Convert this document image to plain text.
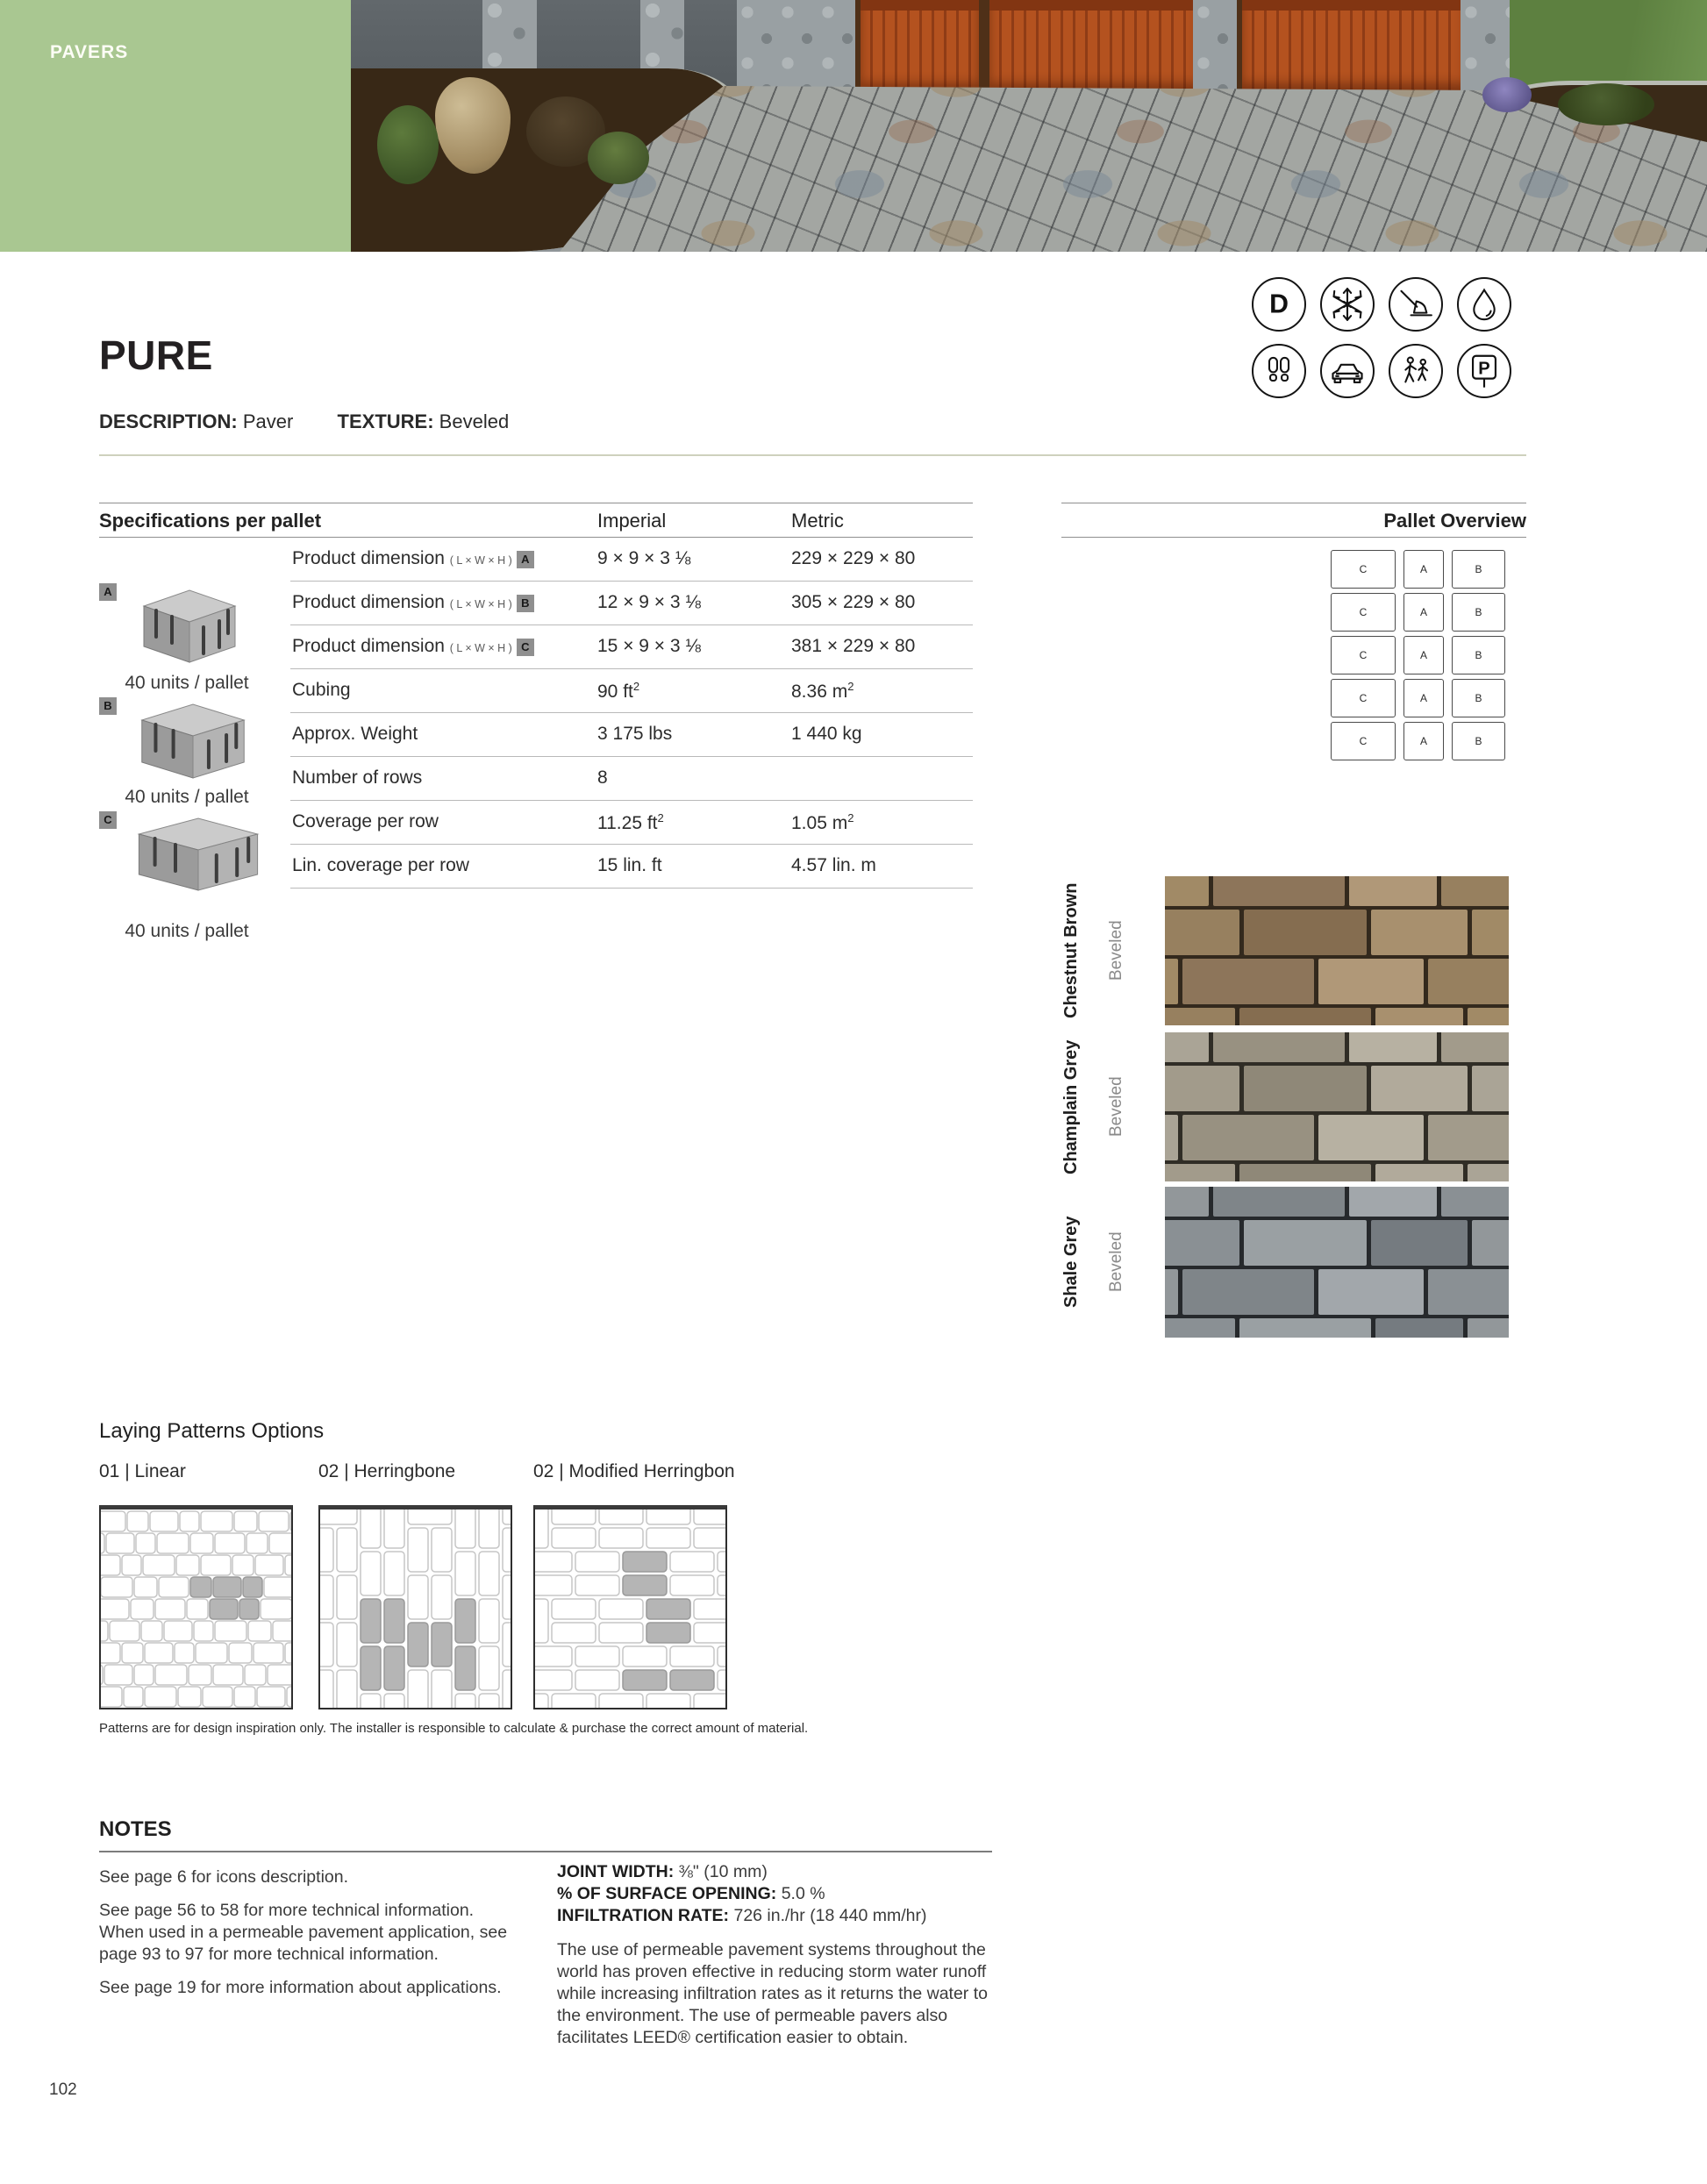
PAVERS
PURE
DESCRIPTION: Paver TEXTURE: Beveled
D
P
Specifications per pallet	Imperial	Metric
Product dimension ( L × W × H ) A	9 × 9 × 3 ⅛	229 × 229 × 80
Product dimension ( L × W × H ) B	12 × 9 × 3 ⅛	305 × 229 × 80
Product dimension ( L × W × H ) C	15 × 9 × 3 ⅛	381 × 229 × 80
Cubing	90 $ft^2$	8.36 $m^2$
Approx. Weight	3 175 lbs	1 440 kg
Number of rows	8
Coverage per row	11.25 $ft^2$	1.05 $m^2$
Lin. coverage per row	15 lin. ft	4.57 lin. m
A
40 units / pallet
B
40 units / pallet
C
40 units / pallet
Pallet Overview
C	A	B
C	A	B
C	A	B
C	A	B
C	A	B
Chestnut Brown Beveled
Champlain Grey Beveled
Shale Grey Beveled
Laying Patterns Options
01 | Linear	02 | Herringbone	02 | Modified Herringbon
Patterns are for design inspiration only. The installer is responsible to calculate & purchase the correct amount of material.
NOTES

See page 6 for icons description.

See page 56 to 58 for more technical information. When used in a permeable pavement application, see page 93 to 97 for more technical information.

See page 19 for more information about applications.

JOINT WIDTH: ⅜" (10 mm)
% OF SURFACE OPENING: 5.0 %
INFILTRATION RATE: 726 in./hr (18 440 mm/hr)
The use of permeable pavement systems throughout the world has proven effective in reducing storm water runoff while increasing infiltration rates as it returns the water to the environment. The use of permeable pavers also facilitates LEED® certification easier to obtain.
102
